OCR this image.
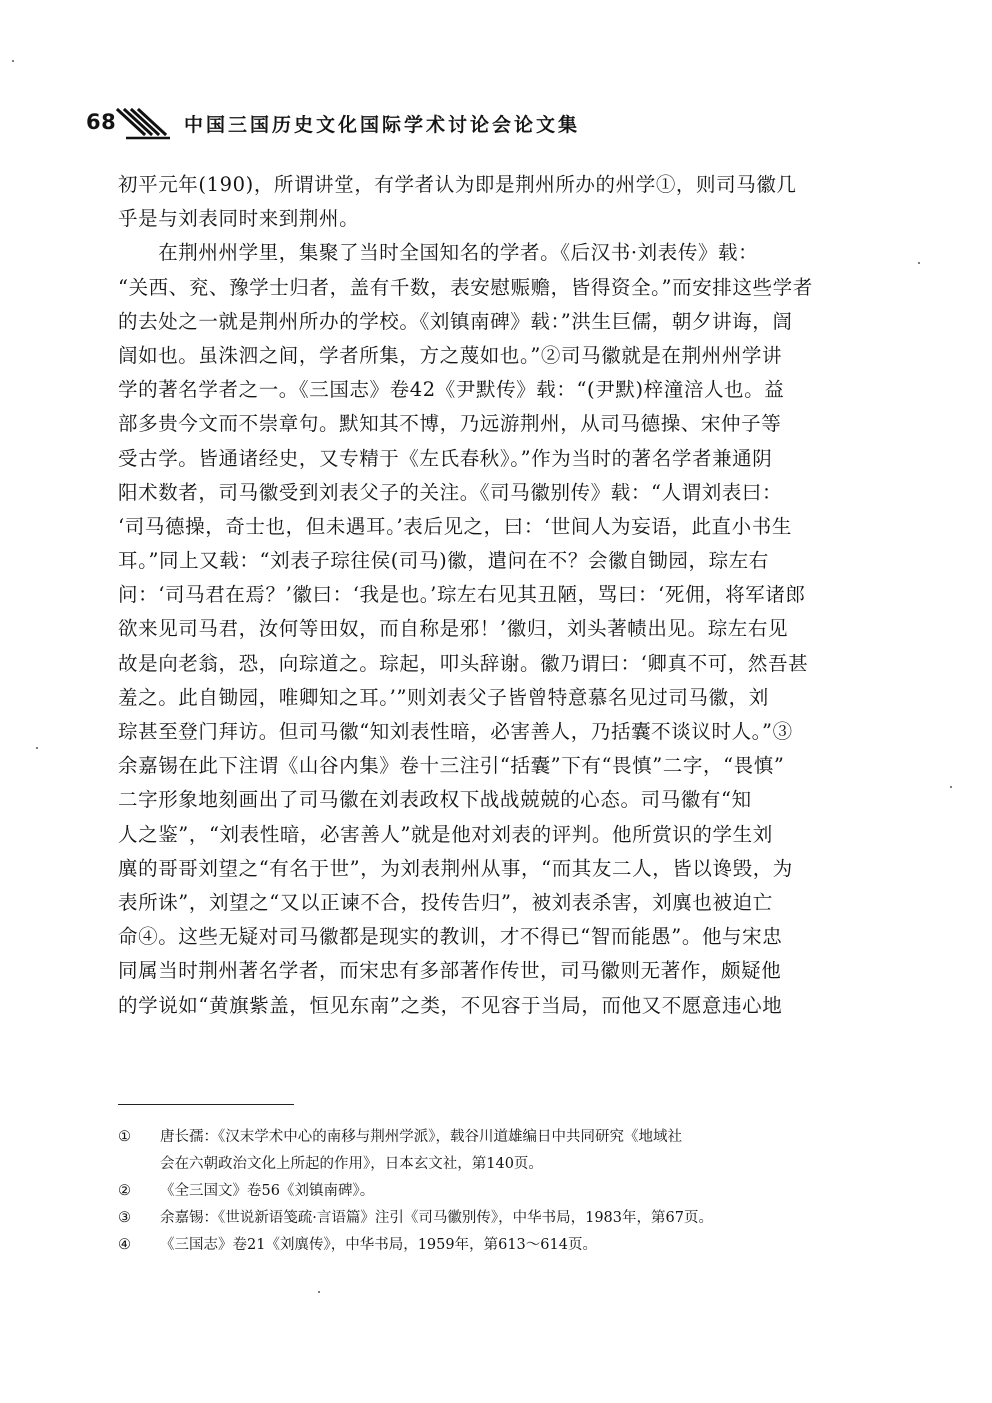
68	中国三国历史文化国际学术讨论会论文集
初平元年(190)，所谓讲堂，有学者认为即是荆州所办的州学①，则司马徽几
乎是与刘表同时来到荆州。
　　在荆州州学里，集聚了当时全国知名的学者。《后汉书·刘表传》载：
“关西、兖、豫学士归者，盖有千数，表安慰赈赡，皆得资全。”而安排这些学者
的去处之一就是荆州所办的学校。《刘镇南碑》载：”洪生巨儒，朝夕讲诲，訚
訚如也。虽洙泗之间，学者所集，方之蔑如也。”②司马徽就是在荆州州学讲
学的著名学者之一。《三国志》卷42《尹默传》载：“(尹默)梓潼涪人也。益
部多贵今文而不崇章句。默知其不博，乃远游荆州，从司马德操、宋仲子等
受古学。皆通诸经史，又专精于《左氏春秋》。”作为当时的著名学者兼通阴
阳术数者，司马徽受到刘表父子的关注。《司马徽别传》载：“人谓刘表曰：
‘司马德操，奇士也，但未遇耳。’表后见之，曰：‘世间人为妄语，此直小书生
耳。”同上又载：“刘表子琮往侯(司马)徽，遣问在不？会徽自锄园，琮左右
问：‘司马君在焉？’徽曰：‘我是也。’琮左右见其丑陋，骂曰：‘死佣，将军诸郎
欲来见司马君，汝何等田奴，而自称是邪！’徽归，刘头著帻出见。琮左右见
故是向老翁，恐，向琮道之。琮起，叩头辞谢。徽乃谓曰：‘卿真不可，然吾甚
羞之。此自锄园，唯卿知之耳。’”则刘表父子皆曾特意慕名见过司马徽，刘
琮甚至登门拜访。但司马徽“知刘表性暗，必害善人，乃括囊不谈议时人。”③
余嘉锡在此下注谓《山谷内集》卷十三注引“括囊”下有“畏慎”二字，“畏慎”
二字形象地刻画出了司马徽在刘表政权下战战兢兢的心态。司马徽有“知
人之鉴”，“刘表性暗，必害善人”就是他对刘表的评判。他所赏识的学生刘
廙的哥哥刘望之“有名于世”，为刘表荆州从事，“而其友二人，皆以谗毁，为
表所诛”，刘望之“又以正谏不合，投传告归”，被刘表杀害，刘廙也被迫亡
命④。这些无疑对司马徽都是现实的教训，才不得已“智而能愚”。他与宋忠
同属当时荆州著名学者，而宋忠有多部著作传世，司马徽则无著作，颇疑他
的学说如“黄旗紫盖，恒见东南”之类，不见容于当局，而他又不愿意违心地
①	唐长孺：《汉末学术中心的南移与荆州学派》，载谷川道雄编日中共同研究《地域社
会在六朝政治文化上所起的作用》，日本玄文社，第140页。
②	《全三国文》卷56《刘镇南碑》。
③	余嘉锡：《世说新语笺疏·言语篇》注引《司马徽别传》，中华书局，1983年，第67页。
④	《三国志》卷21《刘廙传》，中华书局，1959年，第613～614页。
